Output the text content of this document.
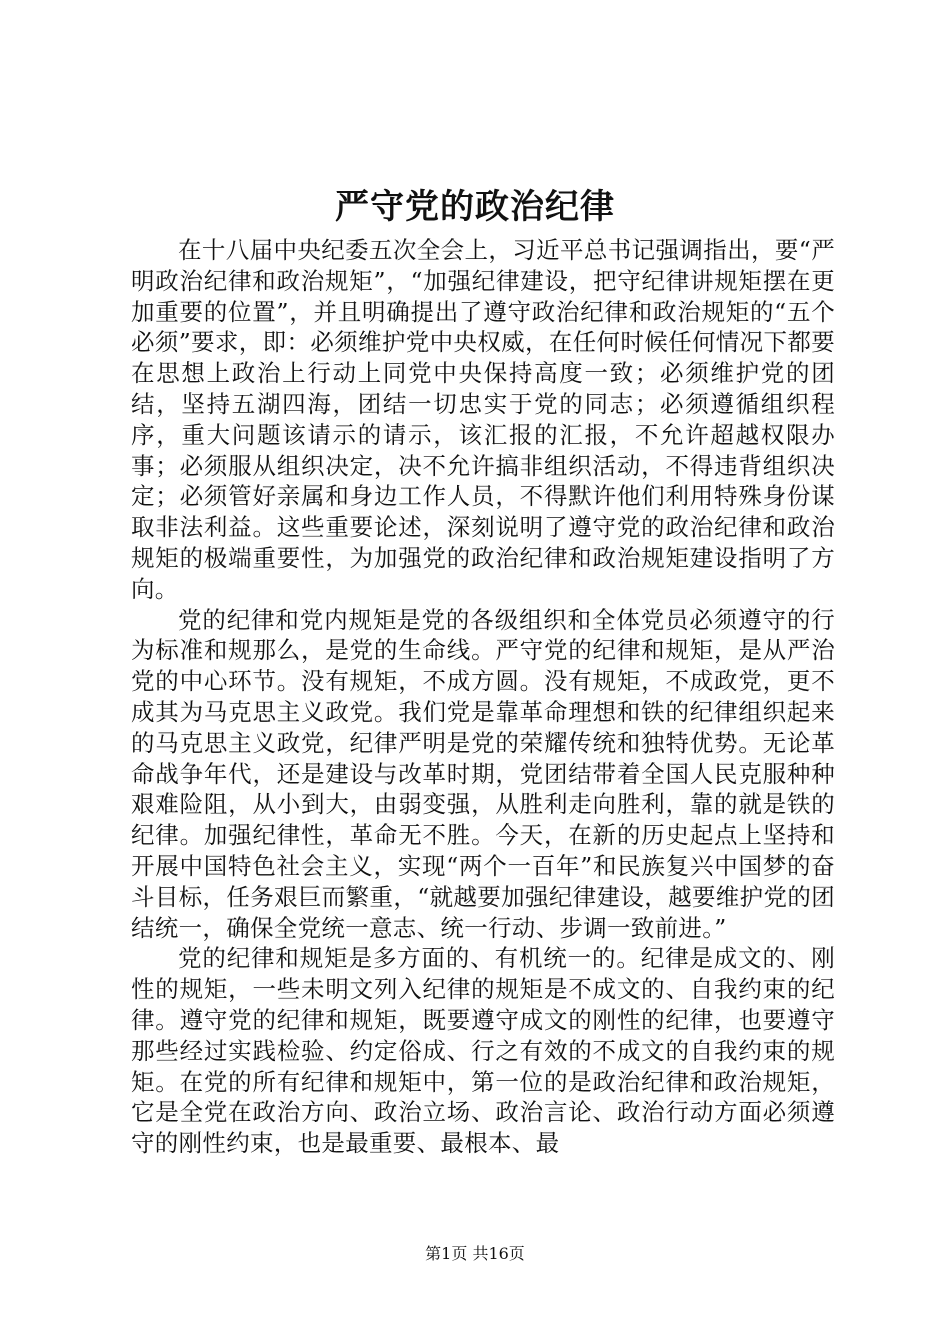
严守党的政治纪律

在十八届中央纪委五次全会上，习近平总书记强调指出，要“严明政治纪律和政治规矩”，“加强纪律建设，把守纪律讲规矩摆在更加重要的位置”，并且明确提出了遵守政治纪律和政治规矩的“五个必须”要求，即：必须维护党中央权威，在任何时候任何情况下都要在思想上政治上行动上同党中央保持高度一致；必须维护党的团结，坚持五湖四海，团结一切忠实于党的同志；必须遵循组织程序，重大问题该请示的请示，该汇报的汇报，不允许超越权限办事；必须服从组织决定，决不允许搞非组织活动，不得违背组织决定；必须管好亲属和身边工作人员，不得默许他们利用特殊身份谋取非法利益。这些重要论述，深刻说明了遵守党的政治纪律和政治规矩的极端重要性，为加强党的政治纪律和政治规矩建设指明了方向。

党的纪律和党内规矩是党的各级组织和全体党员必须遵守的行为标准和规那么，是党的生命线。严守党的纪律和规矩，是从严治党的中心环节。没有规矩，不成方圆。没有规矩，不成政党，更不成其为马克思主义政党。我们党是靠革命理想和铁的纪律组织起来的马克思主义政党，纪律严明是党的荣耀传统和独特优势。无论革命战争年代，还是建设与改革时期，党团结带着全国人民克服种种艰难险阻，从小到大，由弱变强，从胜利走向胜利，靠的就是铁的纪律。加强纪律性，革命无不胜。今天，在新的历史起点上坚持和开展中国特色社会主义，实现“两个一百年”和民族复兴中国梦的奋斗目标，任务艰巨而繁重，“就越要加强纪律建设，越要维护党的团结统一，确保全党统一意志、统一行动、步调一致前进。”

党的纪律和规矩是多方面的、有机统一的。纪律是成文的、刚性的规矩，一些未明文列入纪律的规矩是不成文的、自我约束的纪律。遵守党的纪律和规矩，既要遵守成文的刚性的纪律，也要遵守那些经过实践检验、约定俗成、行之有效的不成文的自我约束的规矩。在党的所有纪律和规矩中，第一位的是政治纪律和政治规矩，它是全党在政治方向、政治立场、政治言论、政治行动方面必须遵守的刚性约束，也是最重要、最根本、最

第1页 共16页
